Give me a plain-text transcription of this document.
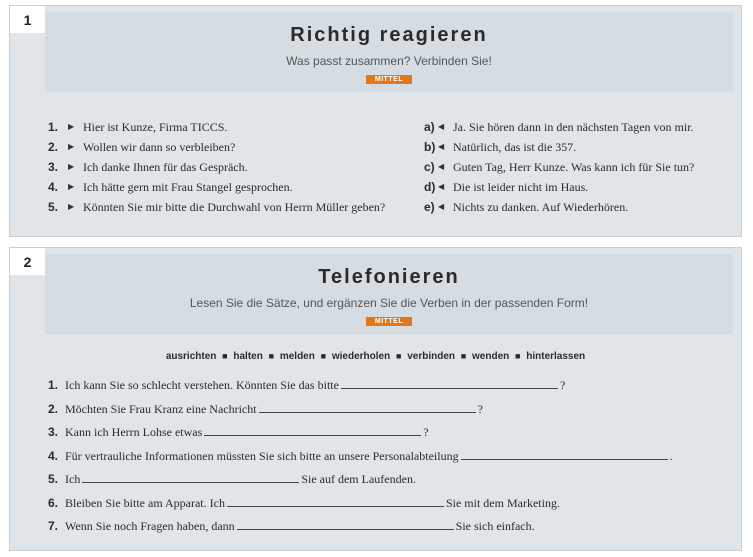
1
Richtig reagieren
Was passt zusammen? Verbinden Sie!
MITTEL
1.	▶ Hier ist Kunze, Firma TICCS.
2.	▶ Wollen wir dann so verbleiben?
3.	▶ Ich danke Ihnen für das Gespräch.
4.	▶ Ich hätte gern mit Frau Stangel gesprochen.
5.	▶ Könnten Sie mir bitte die Durchwahl von Herrn Müller geben?
a) ◀ Ja. Sie hören dann in den nächsten Tagen von mir.
b) ◀ Natürlich, das ist die 357.
c) ◀ Guten Tag, Herr Kunze. Was kann ich für Sie tun?
d) ◀ Die ist leider nicht im Haus.
e) ◀ Nichts zu danken. Auf Wiederhören.
2
Telefonieren
Lesen Sie die Sätze, und ergänzen Sie die Verben in der passenden Form!
MITTEL
ausrichten ■ halten ■ melden ■ wiederholen ■ verbinden ■ wenden ■ hinterlassen
1. Ich kann Sie so schlecht verstehen. Könnten Sie das bitte	?
2. Möchten Sie Frau Kranz eine Nachricht	?
3. Kann ich Herrn Lohse etwas	?
4. Für vertrauliche Informationen müssten Sie sich bitte an unsere Personalabteilung	.
5. Ich	Sie auf dem Laufenden.
6. Bleiben Sie bitte am Apparat. Ich	Sie mit dem Marketing.
7. Wenn Sie noch Fragen haben, dann	Sie sich einfach.
